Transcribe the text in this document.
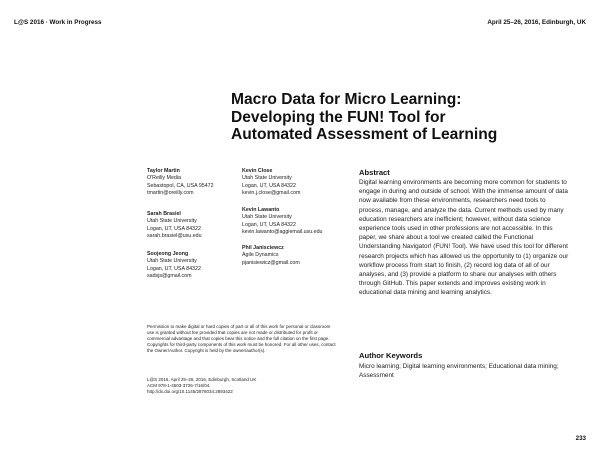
L@S 2016 · Work in Progress	April 25–26, 2016, Edinburgh, UK
Macro Data for Micro Learning:
Developing the FUN! Tool for
Automated Assessment of Learning
Taylor Martin
O'Reilly Media
Sebastopol, CA, USA 95472
tmartin@oreilly.com
Sarah Brasiel
Utah State University
Logan, UT, USA 84322
sarah.brasiel@usu.edu
Soojeong Jeong
Utah State University
Logan, UT, USA 84322
sadsjs@gmail.com
Kevin Close
Utah State University
Logan, UT, USA 84322
kevin.j.close@gmail.com
Kevin Lawanto
Utah State University
Logan, UT, USA 84322
kevin.lawanto@aggiemail.usu.edu
Phil Janisciewcz
Agile Dynamics
pjanisiewicz@gmail.com
Abstract
Digital learning environments are becoming more common for students to engage in during and outside of school. With the immense amount of data now available from these environments, researchers need tools to process, manage, and analyze the data. Current methods used by many education researchers are inefficient; however, without data science experience tools used in other professions are not accessible. In this paper, we share about a tool we created called the Functional Understanding Navigator! (FUN! Tool). We have used this tool for different research projects which has allowed us the opportunity to (1) organize our workflow process from start to finish, (2) record log data of all of our analyses, and (3) provide a platform to share our analyses with others through GitHub. This paper extends and improves existing work in educational data mining and learning analytics.
Author Keywords
Micro learning; Digital learning environments; Educational data mining; Assessment
Permission to make digital or hard copies of part or all of this work for personal or classroom use is granted without fee provided that copies are not made or distributed for profit or commercial advantage and that copies bear this notice and the full citation on the first page. Copyrights for third-party components of this work must be honored. For all other uses, contact the Owner/Author. Copyright is held by the owner/author(s).
L@S 2016, April 25–26, 2016, Edinburgh, Scotland UK
ACM 978-1-4503-3726-7/16/04.
http://dx.doi.org/10.1145/2876034.2893422
233
